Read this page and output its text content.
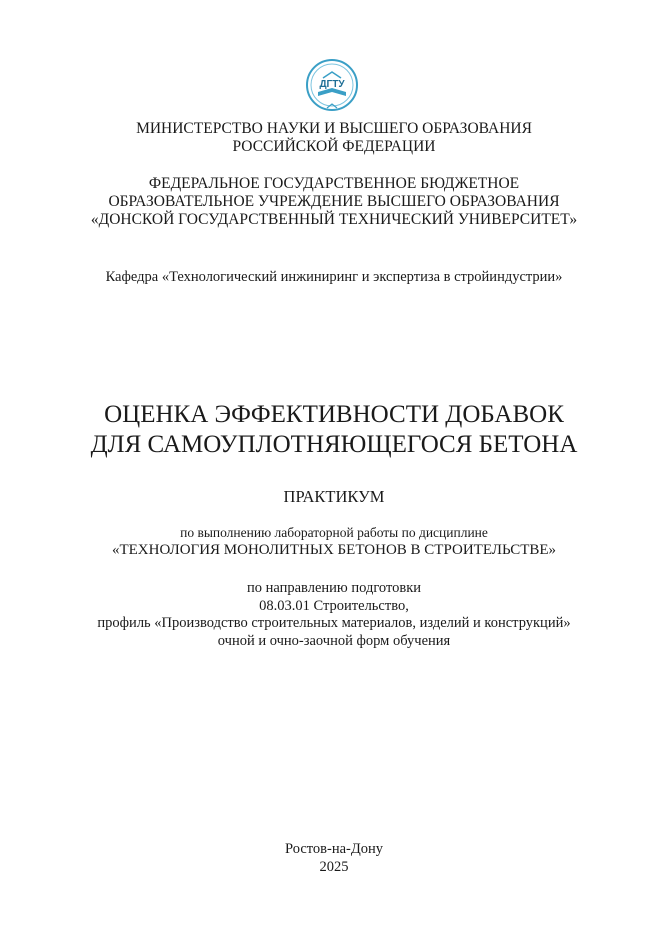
ДГТУ
МИНИСТЕРСТВО НАУКИ И ВЫСШЕГО ОБРАЗОВАНИЯ
РОССИЙСКОЙ ФЕДЕРАЦИИ
ФЕДЕРАЛЬНОЕ ГОСУДАРСТВЕННОЕ БЮДЖЕТНОЕ
ОБРАЗОВАТЕЛЬНОЕ УЧРЕЖДЕНИЕ ВЫСШЕГО ОБРАЗОВАНИЯ
«ДОНСКОЙ ГОСУДАРСТВЕННЫЙ ТЕХНИЧЕСКИЙ УНИВЕРСИТЕТ»
Кафедра «Технологический инжиниринг и экспертиза в стройиндустрии»
ОЦЕНКА ЭФФЕКТИВНОСТИ ДОБАВОК
ДЛЯ САМОУПЛОТНЯЮЩЕГОСЯ БЕТОНА
ПРАКТИКУМ
по выполнению лабораторной работы по дисциплине
«ТЕХНОЛОГИЯ МОНОЛИТНЫХ БЕТОНОВ В СТРОИТЕЛЬСТВЕ»
по направлению подготовки
08.03.01 Строительство,
профиль «Производство строительных материалов, изделий и конструкций»
очной и очно-заочной форм обучения
Ростов-на-Дону
2025
